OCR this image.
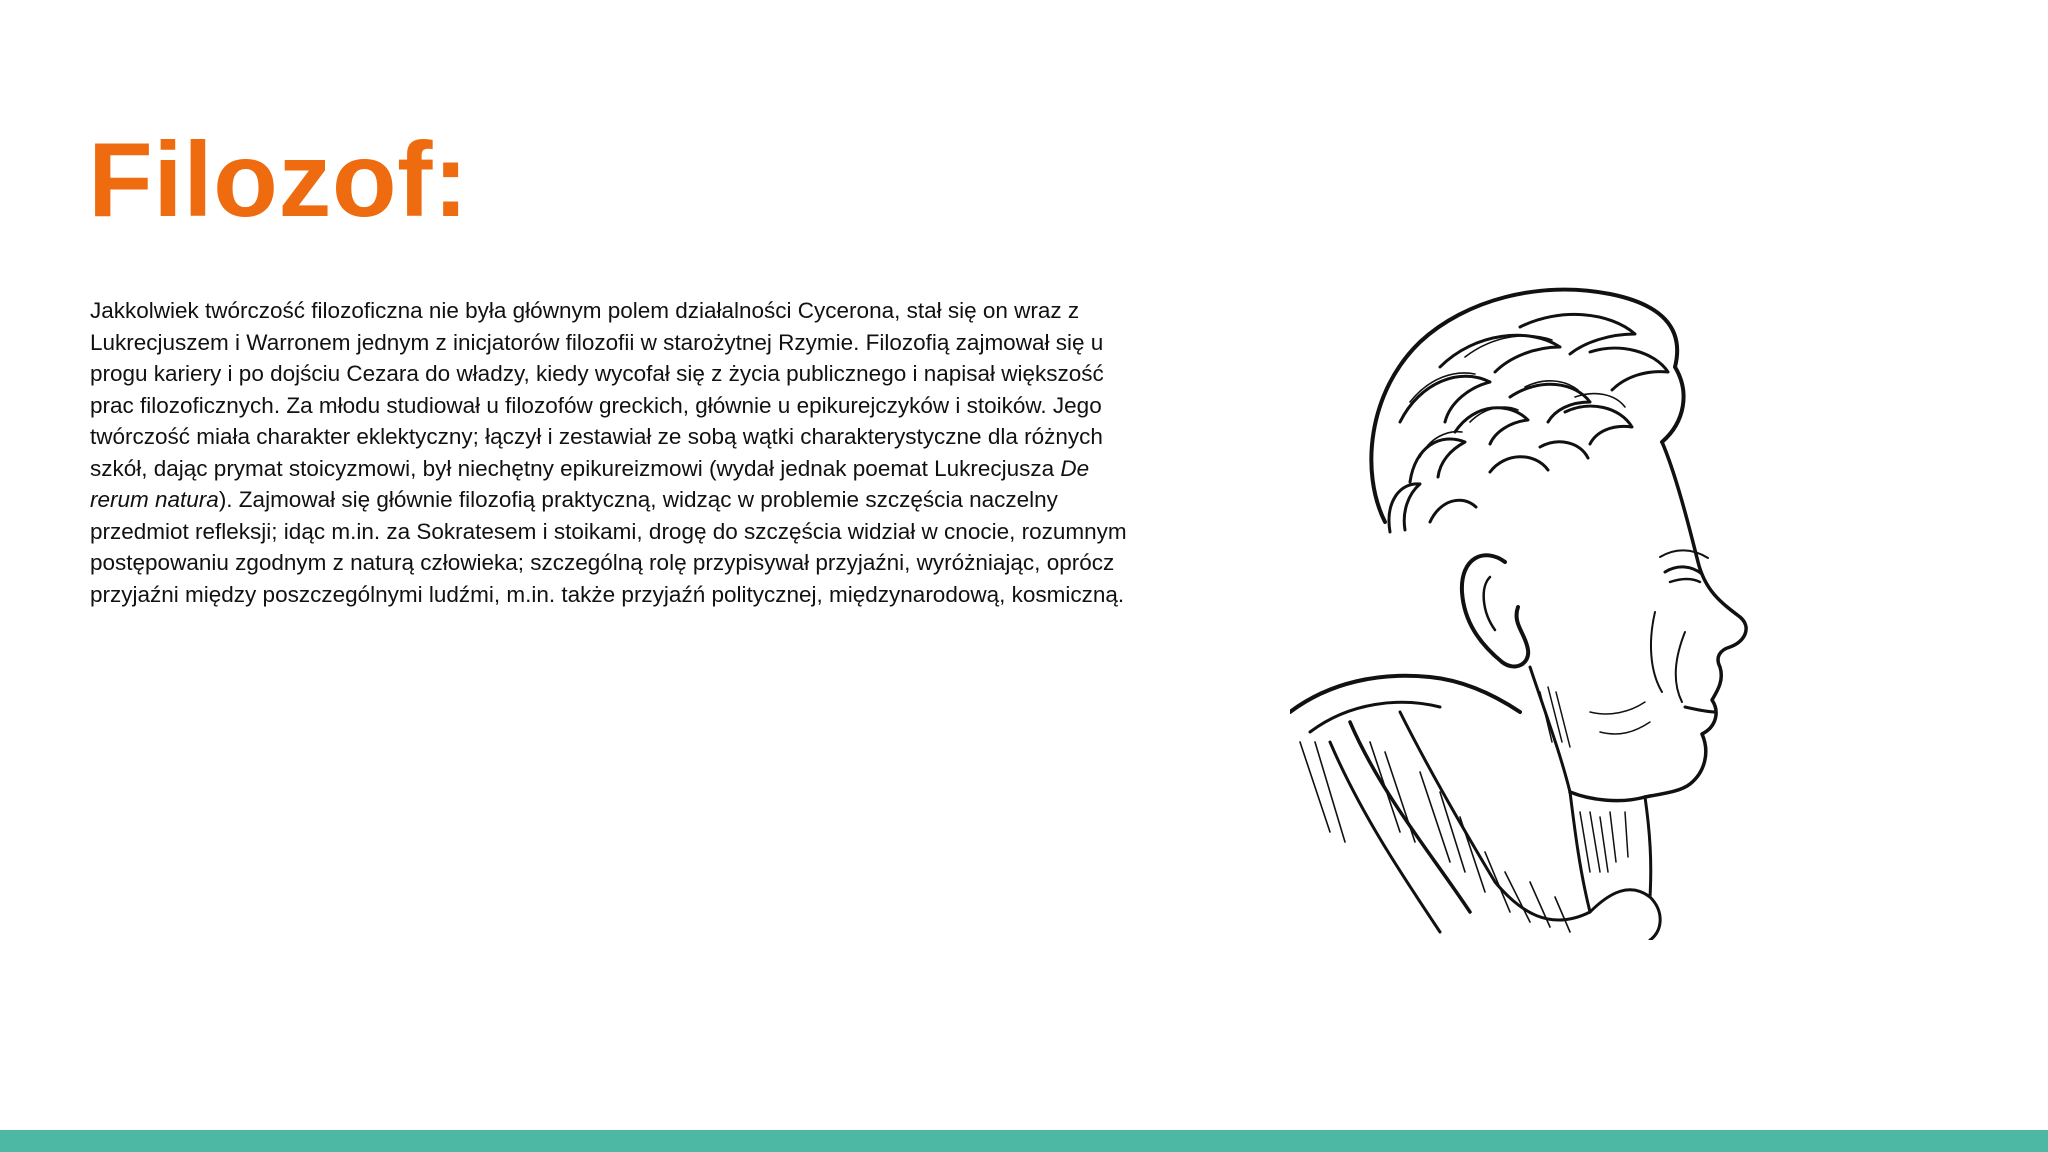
Filozof:

Jakkolwiek twórczość filozoficzna nie była głównym polem działalności Cycerona, stał się on wraz z Lukrecjuszem i Warronem jednym z inicjatorów filozofii w starożytnej Rzymie. Filozofią zajmował się u progu kariery i po dojściu Cezara do władzy, kiedy wycofał się z życia publicznego i napisał większość prac filozoficznych. Za młodu studiował u filozofów greckich, głównie u epikurejczyków i stoików. Jego twórczość miała charakter eklektyczny; łączył i zestawiał ze sobą wątki charakterystyczne dla różnych szkół, dając prymat stoicyzmowi, był niechętny epikureizmowi (wydał jednak poemat Lukrecjusza De rerum natura). Zajmował się głównie filozofią praktyczną, widząc w problemie szczęścia naczelny przedmiot refleksji; idąc m.in. za Sokratesem i stoikami, drogę do szczęścia widział w cnocie, rozumnym postępowaniu zgodnym z naturą człowieka; szczególną rolę przypisywał przyjaźni, wyróżniając, oprócz przyjaźni między poszczególnymi ludźmi, m.in. także przyjaźń politycznej, międzynarodową, kosmiczną.
